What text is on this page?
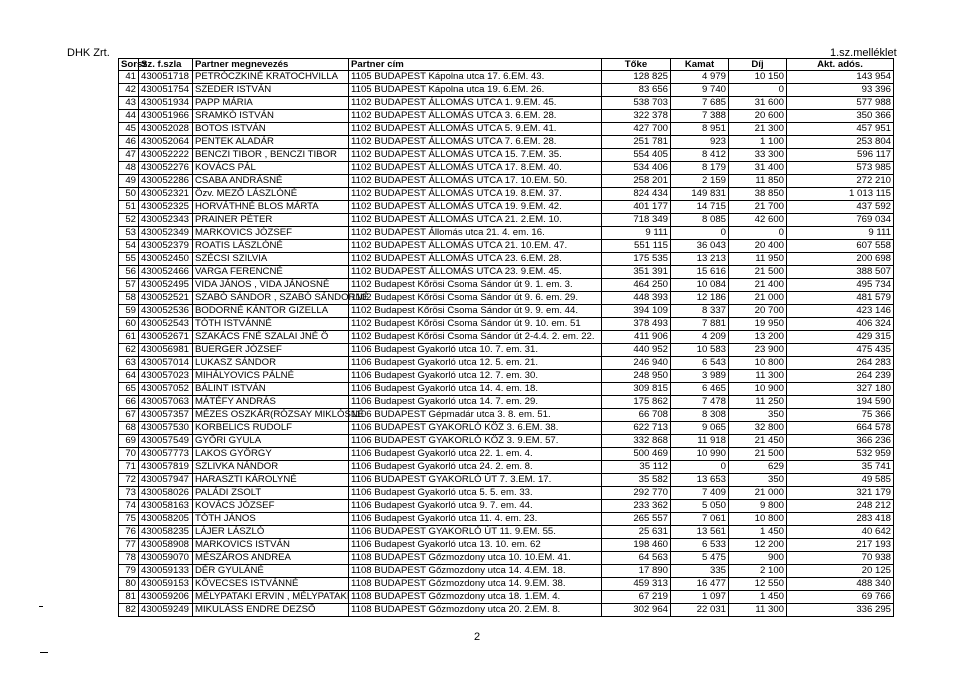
DHK Zrt.	1.sz.melléklet
Sorsz	Sz. f.szla	Partner megnevezés	Partner cím	Tőke	Kamat	Díj	Akt. adós.
41	430051718	PETRÓCZKINÉ KRATOCHVILLA	1105 BUDAPEST Kápolna utca 17. 6.EM. 43.	128 825	4 979	10 150	143 954
42	430051754	SZEDER ISTVÁN	1105 BUDAPEST Kápolna utca 19. 6.EM. 26.	83 656	9 740	0	93 396
43	430051934	PAPP MÁRIA	1102 BUDAPEST ÁLLOMÁS UTCA 1. 9.EM. 45.	538 703	7 685	31 600	577 988
44	430051966	SRAMKÓ ISTVÁN	1102 BUDAPEST ÁLLOMÁS UTCA 3. 6.EM. 28.	322 378	7 388	20 600	350 366
45	430052028	BOTOS ISTVÁN	1102 BUDAPEST ÁLLOMÁS UTCA 5. 9.EM. 41.	427 700	8 951	21 300	457 951
46	430052064	PENTEK ALADÁR	1102 BUDAPEST ÁLLOMÁS UTCA 7. 6.EM. 28.	251 781	923	1 100	253 804
47	430052222	BENCZI TIBOR , BENCZI TIBOR	1102 BUDAPEST ÁLLOMÁS UTCA 15. 7.EM. 35.	554 405	8 412	33 300	596 117
48	430052276	KOVÁCS PÁL	1102 BUDAPEST ÁLLOMÁS UTCA 17. 8.EM. 40.	534 406	8 179	31 400	573 985
49	430052286	CSABA ANDRÁSNÉ	1102 BUDAPEST ÁLLOMÁS UTCA 17. 10.EM. 50.	258 201	2 159	11 850	272 210
50	430052321	Özv. MEZŐ LÁSZLÓNÉ	1102 BUDAPEST ÁLLOMÁS UTCA 19. 8.EM. 37.	824 434	149 831	38 850	1 013 115
51	430052325	HORVÁTHNÉ BLOS MÁRTA	1102 BUDAPEST ÁLLOMÁS UTCA 19. 9.EM. 42.	401 177	14 715	21 700	437 592
52	430052343	PRAINER PÉTER	1102 BUDAPEST ÁLLOMÁS UTCA 21. 2.EM. 10.	718 349	8 085	42 600	769 034
53	430052349	MARKOVICS JÓZSEF	1102 BUDAPEST Állomás utca 21. 4. em. 16.	9 111	0	0	9 111
54	430052379	ROATIS LÁSZLÓNÉ	1102 BUDAPEST ÁLLOMÁS UTCA 21. 10.EM. 47.	551 115	36 043	20 400	607 558
55	430052450	SZÉCSI SZILVIA	1102 BUDAPEST ÁLLOMÁS UTCA 23. 6.EM. 28.	175 535	13 213	11 950	200 698
56	430052466	VARGA FERENCNÉ	1102 BUDAPEST ÁLLOMÁS UTCA 23. 9.EM. 45.	351 391	15 616	21 500	388 507
57	430052495	VIDA JÁNOS , VIDA JÁNOSNÉ	1102 Budapest Kőrösi Csoma Sándor út 9. 1. em. 3.	464 250	10 084	21 400	495 734
58	430052521	SZABÓ SÁNDOR , SZABÓ SÁNDORNÉ	1102 Budapest Kőrösi Csoma Sándor út 9. 6. em. 29.	448 393	12 186	21 000	481 579
59	430052536	BODORNÉ KÁNTOR GIZELLA	1102 Budapest Kőrösi Csoma Sándor út 9. 9. em. 44.	394 109	8 337	20 700	423 146
60	430052543	TÓTH ISTVÁNNÉ	1102 Budapest Kőrösi Csoma Sándor út 9. 10. em. 51	378 493	7 881	19 950	406 324
61	430052671	SZAKÁCS FNÉ SZALAI JNÉ Ö	1102 Budapest Kőrösi Csoma Sándor út 2-4.4. 2. em. 22.	411 906	4 209	13 200	429 315
62	430056981	BUERGER JÓZSEF	1106 Budapest Gyakorló utca 10. 7. em. 31.	440 952	10 583	23 900	475 435
63	430057014	LUKASZ SÁNDOR	1106 Budapest Gyakorló utca 12. 5. em. 21.	246 940	6 543	10 800	264 283
64	430057023	MIHÁLYOVICS PÁLNÉ	1106 Budapest Gyakorló utca 12. 7. em. 30.	248 950	3 989	11 300	264 239
65	430057052	BÁLINT ISTVÁN	1106 Budapest Gyakorló utca 14. 4. em. 18.	309 815	6 465	10 900	327 180
66	430057063	MÁTÉFY ANDRÁS	1106 Budapest Gyakorló utca 14. 7. em. 29.	175 862	7 478	11 250	194 590
67	430057357	MÉZES OSZKÁR(RÓZSAY MIKLÓSNÉ	1106 BUDAPEST Gépmadár utca 3. 8. em. 51.	66 708	8 308	350	75 366
68	430057530	KORBELICS RUDOLF	1106 BUDAPEST GYAKORLÓ KÖZ 3. 6.EM. 38.	622 713	9 065	32 800	664 578
69	430057549	GYŐRI GYULA	1106 BUDAPEST GYAKORLÓ KÖZ 3. 9.EM. 57.	332 868	11 918	21 450	366 236
70	430057773	LAKOS GYÖRGY	1106 Budapest Gyakorló utca 22. 1. em. 4.	500 469	10 990	21 500	532 959
71	430057819	SZLIVKA NÁNDOR	1106 Budapest Gyakorló utca 24. 2. em. 8.	35 112	0	629	35 741
72	430057947	HARASZTI KÁROLYNÉ	1106 BUDAPEST GYAKORLÓ ÚT 7. 3.EM. 17.	35 582	13 653	350	49 585
73	430058026	PALÁDI ZSOLT	1106 Budapest Gyakorló utca 5. 5. em. 33.	292 770	7 409	21 000	321 179
74	430058163	KOVÁCS JÓZSEF	1106 Budapest Gyakorló utca 9. 7. em. 44.	233 362	5 050	9 800	248 212
75	430058205	TÓTH JÁNOS	1106 Budapest Gyakorló utca 11. 4. em. 23.	265 557	7 061	10 800	283 418
76	430058235	LÁJER LÁSZLÓ	1106 BUDAPEST GYAKORLÓ ÚT 11. 9.EM. 55.	25 631	13 561	1 450	40 642
77	430058908	MARKOVICS ISTVÁN	1106 Budapest Gyakorló utca 13. 10. em. 62	198 460	6 533	12 200	217 193
78	430059070	MÉSZÁROS ANDREA	1108 BUDAPEST Gőzmozdony utca 10. 10.EM. 41.	64 563	5 475	900	70 938
79	430059133	DÉR GYULÁNÉ	1108 BUDAPEST Gőzmozdony utca 14. 4.EM. 18.	17 890	335	2 100	20 125
80	430059153	KÖVECSES ISTVÁNNÉ	1108 BUDAPEST Gőzmozdony utca 14. 9.EM. 38.	459 313	16 477	12 550	488 340
81	430059206	MÉLYPATAKI ERVIN , MÉLYPATAKI	1108 BUDAPEST Gőzmozdony utca 18. 1.EM. 4.	67 219	1 097	1 450	69 766
82	430059249	MIKULÁSS ENDRE DEZSŐ	1108 BUDAPEST Gőzmozdony utca 20. 2.EM. 8.	302 964	22 031	11 300	336 295
2
